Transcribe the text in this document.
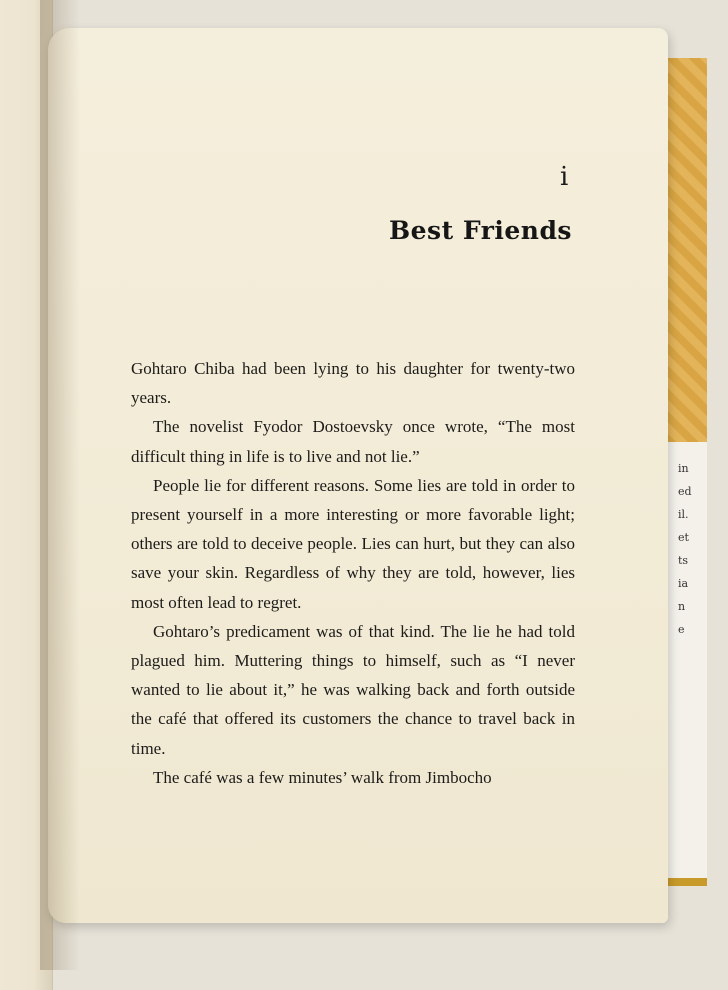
in
ed
il.
et
ts
ia
n
e
i
Best Friends

Gohtaro Chiba had been lying to his daughter for twenty-two years.

The novelist Fyodor Dostoevsky once wrote, “The most difficult thing in life is to live and not lie.”

People lie for different reasons. Some lies are told in order to present yourself in a more interesting or more favorable light; others are told to deceive people. Lies can hurt, but they can also save your skin. Regardless of why they are told, however, lies most often lead to regret.

Gohtaro’s predicament was of that kind. The lie he had told plagued him. Muttering things to himself, such as “I never wanted to lie about it,” he was walking back and forth outside the café that offered its customers the chance to travel back in time.

The café was a few minutes’ walk from Jimbocho
